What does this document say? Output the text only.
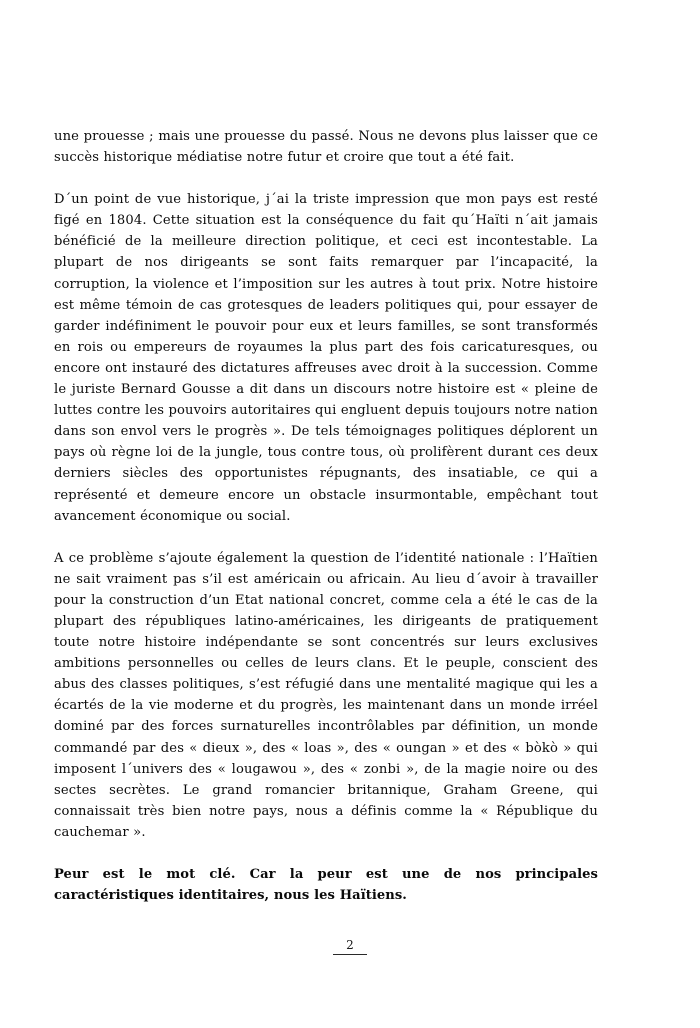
une prouesse ; mais une prouesse du passé. Nous ne devons plus laisser que ce succès historique médiatise notre futur et croire que tout a été fait.

D´un point de vue historique, j´ai la triste impression que mon pays est resté figé en 1804. Cette situation est la conséquence du fait qu´Haïti n´ait jamais bénéficié de la meilleure direction politique, et ceci est incontestable. La plupart de nos dirigeants se sont faits remarquer par l’incapacité, la corruption, la violence et l’imposition sur les autres à tout prix. Notre histoire est même témoin de cas grotesques de leaders politiques qui, pour essayer de garder indéfiniment le pouvoir pour eux et leurs familles, se sont transformés en rois ou empereurs de royaumes la plus part des fois caricaturesques, ou encore ont instauré des dictatures affreuses avec droit à la succession. Comme le juriste Bernard Gousse a dit dans un discours notre histoire est « pleine de luttes contre les pouvoirs autoritaires qui engluent depuis toujours notre nation dans son envol vers le progrès ». De tels témoignages politiques déplorent un pays où règne loi de la jungle, tous contre tous, où prolifèrent durant ces deux derniers siècles des opportunistes répugnants, des insatiable, ce qui a représenté et demeure encore un obstacle insurmontable, empêchant tout avancement économique ou social.

A ce problème s’ajoute également la question de l’identité nationale : l’Haïtien ne sait vraiment pas s’il est américain ou africain. Au lieu d´avoir à travailler pour la construction d’un Etat national concret, comme cela a été le cas de la plupart des républiques latino-américaines, les dirigeants de pratiquement toute notre histoire indépendante se sont concentrés sur leurs exclusives ambitions personnelles ou celles de leurs clans. Et le peuple, conscient des abus des classes politiques, s’est réfugié dans une mentalité magique qui les a écartés de la vie moderne et du progrès, les maintenant dans un monde irréel dominé par des forces surnaturelles incontrôlables par définition, un monde commandé par des « dieux », des « loas », des « oungan » et des « bòkò » qui imposent l´univers des « lougawou », des « zonbi », de la magie noire ou des sectes secrètes. Le grand romancier britannique, Graham Greene, qui connaissait très bien notre pays, nous a définis comme la « République du cauchemar ».

Peur est le mot clé. Car la peur est une de nos principales caractéristiques identitaires, nous les Haïtiens.

2
